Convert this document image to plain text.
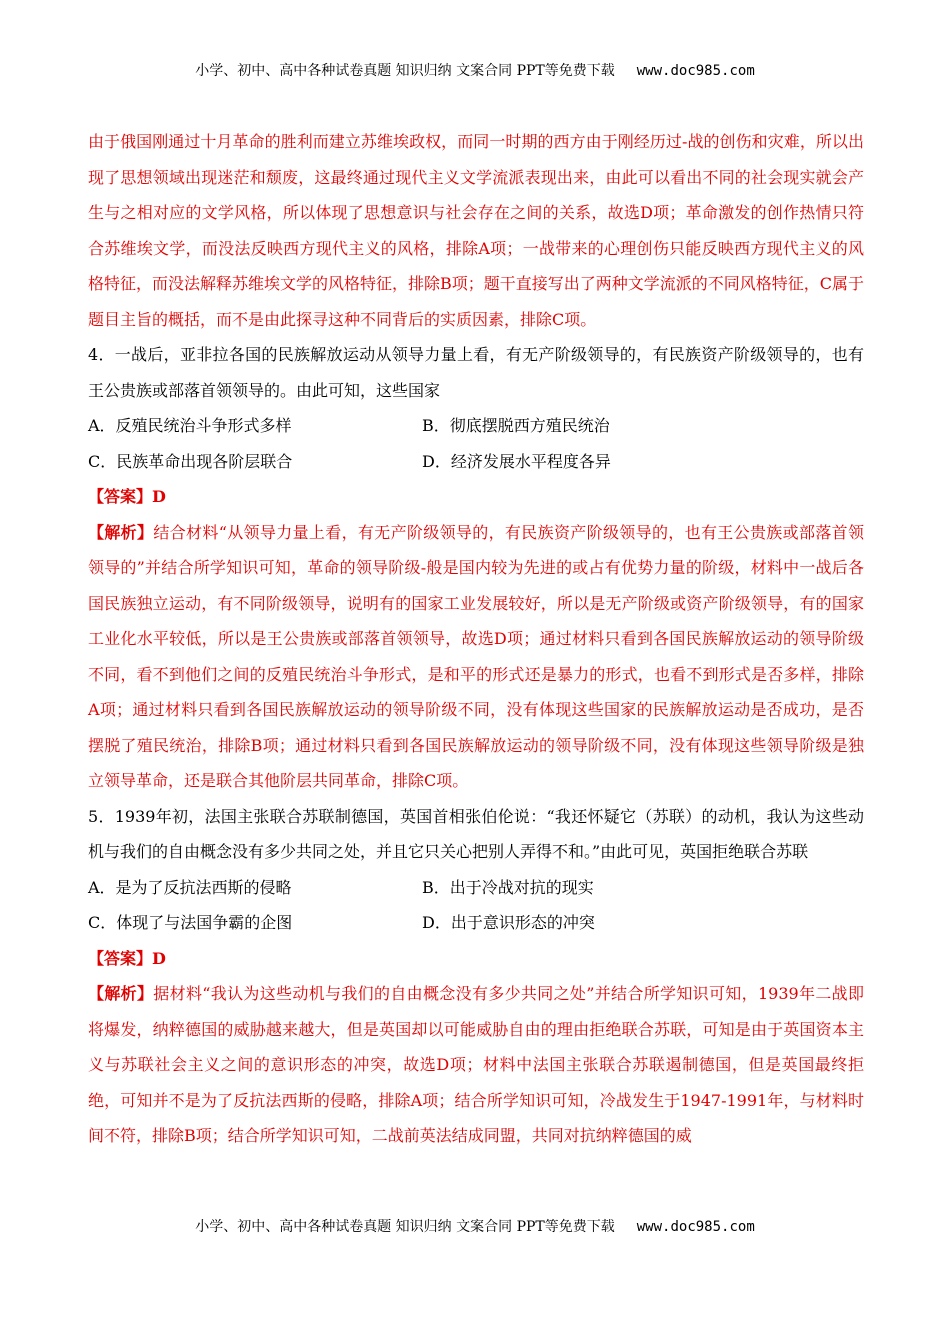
小学、初中、高中各种试卷真题 知识归纳 文案合同 PPT等免费下载 www.doc985.com

由于俄国刚通过十月革命的胜利而建立苏维埃政权，而同一时期的西方由于刚经历过-战的创伤和灾难，所以出现了思想领域出现迷茫和颓废，这最终通过现代主义文学流派表现出来，由此可以看出不同的社会现实就会产生与之相对应的文学风格，所以体现了思想意识与社会存在之间的关系，故选D项；革命激发的创作热情只符合苏维埃文学，而没法反映西方现代主义的风格，排除A项；一战带来的心理创伤只能反映西方现代主义的风格特征，而没法解释苏维埃文学的风格特征，排除B项；题干直接写出了两种文学流派的不同风格特征，C属于题目主旨的概括，而不是由此探寻这种不同背后的实质因素，排除C项。

4．一战后，亚非拉各国的民族解放运动从领导力量上看，有无产阶级领导的，有民族资产阶级领导的，也有王公贵族或部落首领领导的。由此可知，这些国家

A．反殖民统治斗争形式多样	B．彻底摆脱西方殖民统治
C．民族革命出现各阶层联合	D．经济发展水平程度各异

【答案】D

【解析】结合材料“从领导力量上看，有无产阶级领导的，有民族资产阶级领导的，也有王公贵族或部落首领领导的”并结合所学知识可知，革命的领导阶级-般是国内较为先进的或占有优势力量的阶级，材料中一战后各国民族独立运动，有不同阶级领导，说明有的国家工业发展较好，所以是无产阶级或资产阶级领导，有的国家工业化水平较低，所以是王公贵族或部落首领领导，故选D项；通过材料只看到各国民族解放运动的领导阶级不同，看不到他们之间的反殖民统治斗争形式，是和平的形式还是暴力的形式，也看不到形式是否多样，排除A项；通过材料只看到各国民族解放运动的领导阶级不同，没有体现这些国家的民族解放运动是否成功，是否摆脱了殖民统治，排除B项；通过材料只看到各国民族解放运动的领导阶级不同，没有体现这些领导阶级是独立领导革命，还是联合其他阶层共同革命，排除C项。

5．1939年初，法国主张联合苏联制德国，英国首相张伯伦说：“我还怀疑它（苏联）的动机，我认为这些动机与我们的自由概念没有多少共同之处，并且它只关心把别人弄得不和。”由此可见，英国拒绝联合苏联

A．是为了反抗法西斯的侵略	B．出于冷战对抗的现实
C．体现了与法国争霸的企图	D．出于意识形态的冲突

【答案】D

【解析】据材料“我认为这些动机与我们的自由概念没有多少共同之处”并结合所学知识可知，1939年二战即将爆发，纳粹德国的威胁越来越大，但是英国却以可能威胁自由的理由拒绝联合苏联，可知是由于英国资本主义与苏联社会主义之间的意识形态的冲突，故选D项；材料中法国主张联合苏联遏制德国，但是英国最终拒绝，可知并不是为了反抗法西斯的侵略，排除A项；结合所学知识可知，冷战发生于1947-1991年，与材料时间不符，排除B项；结合所学知识可知，二战前英法结成同盟，共同对抗纳粹德国的威

小学、初中、高中各种试卷真题 知识归纳 文案合同 PPT等免费下载 www.doc985.com
